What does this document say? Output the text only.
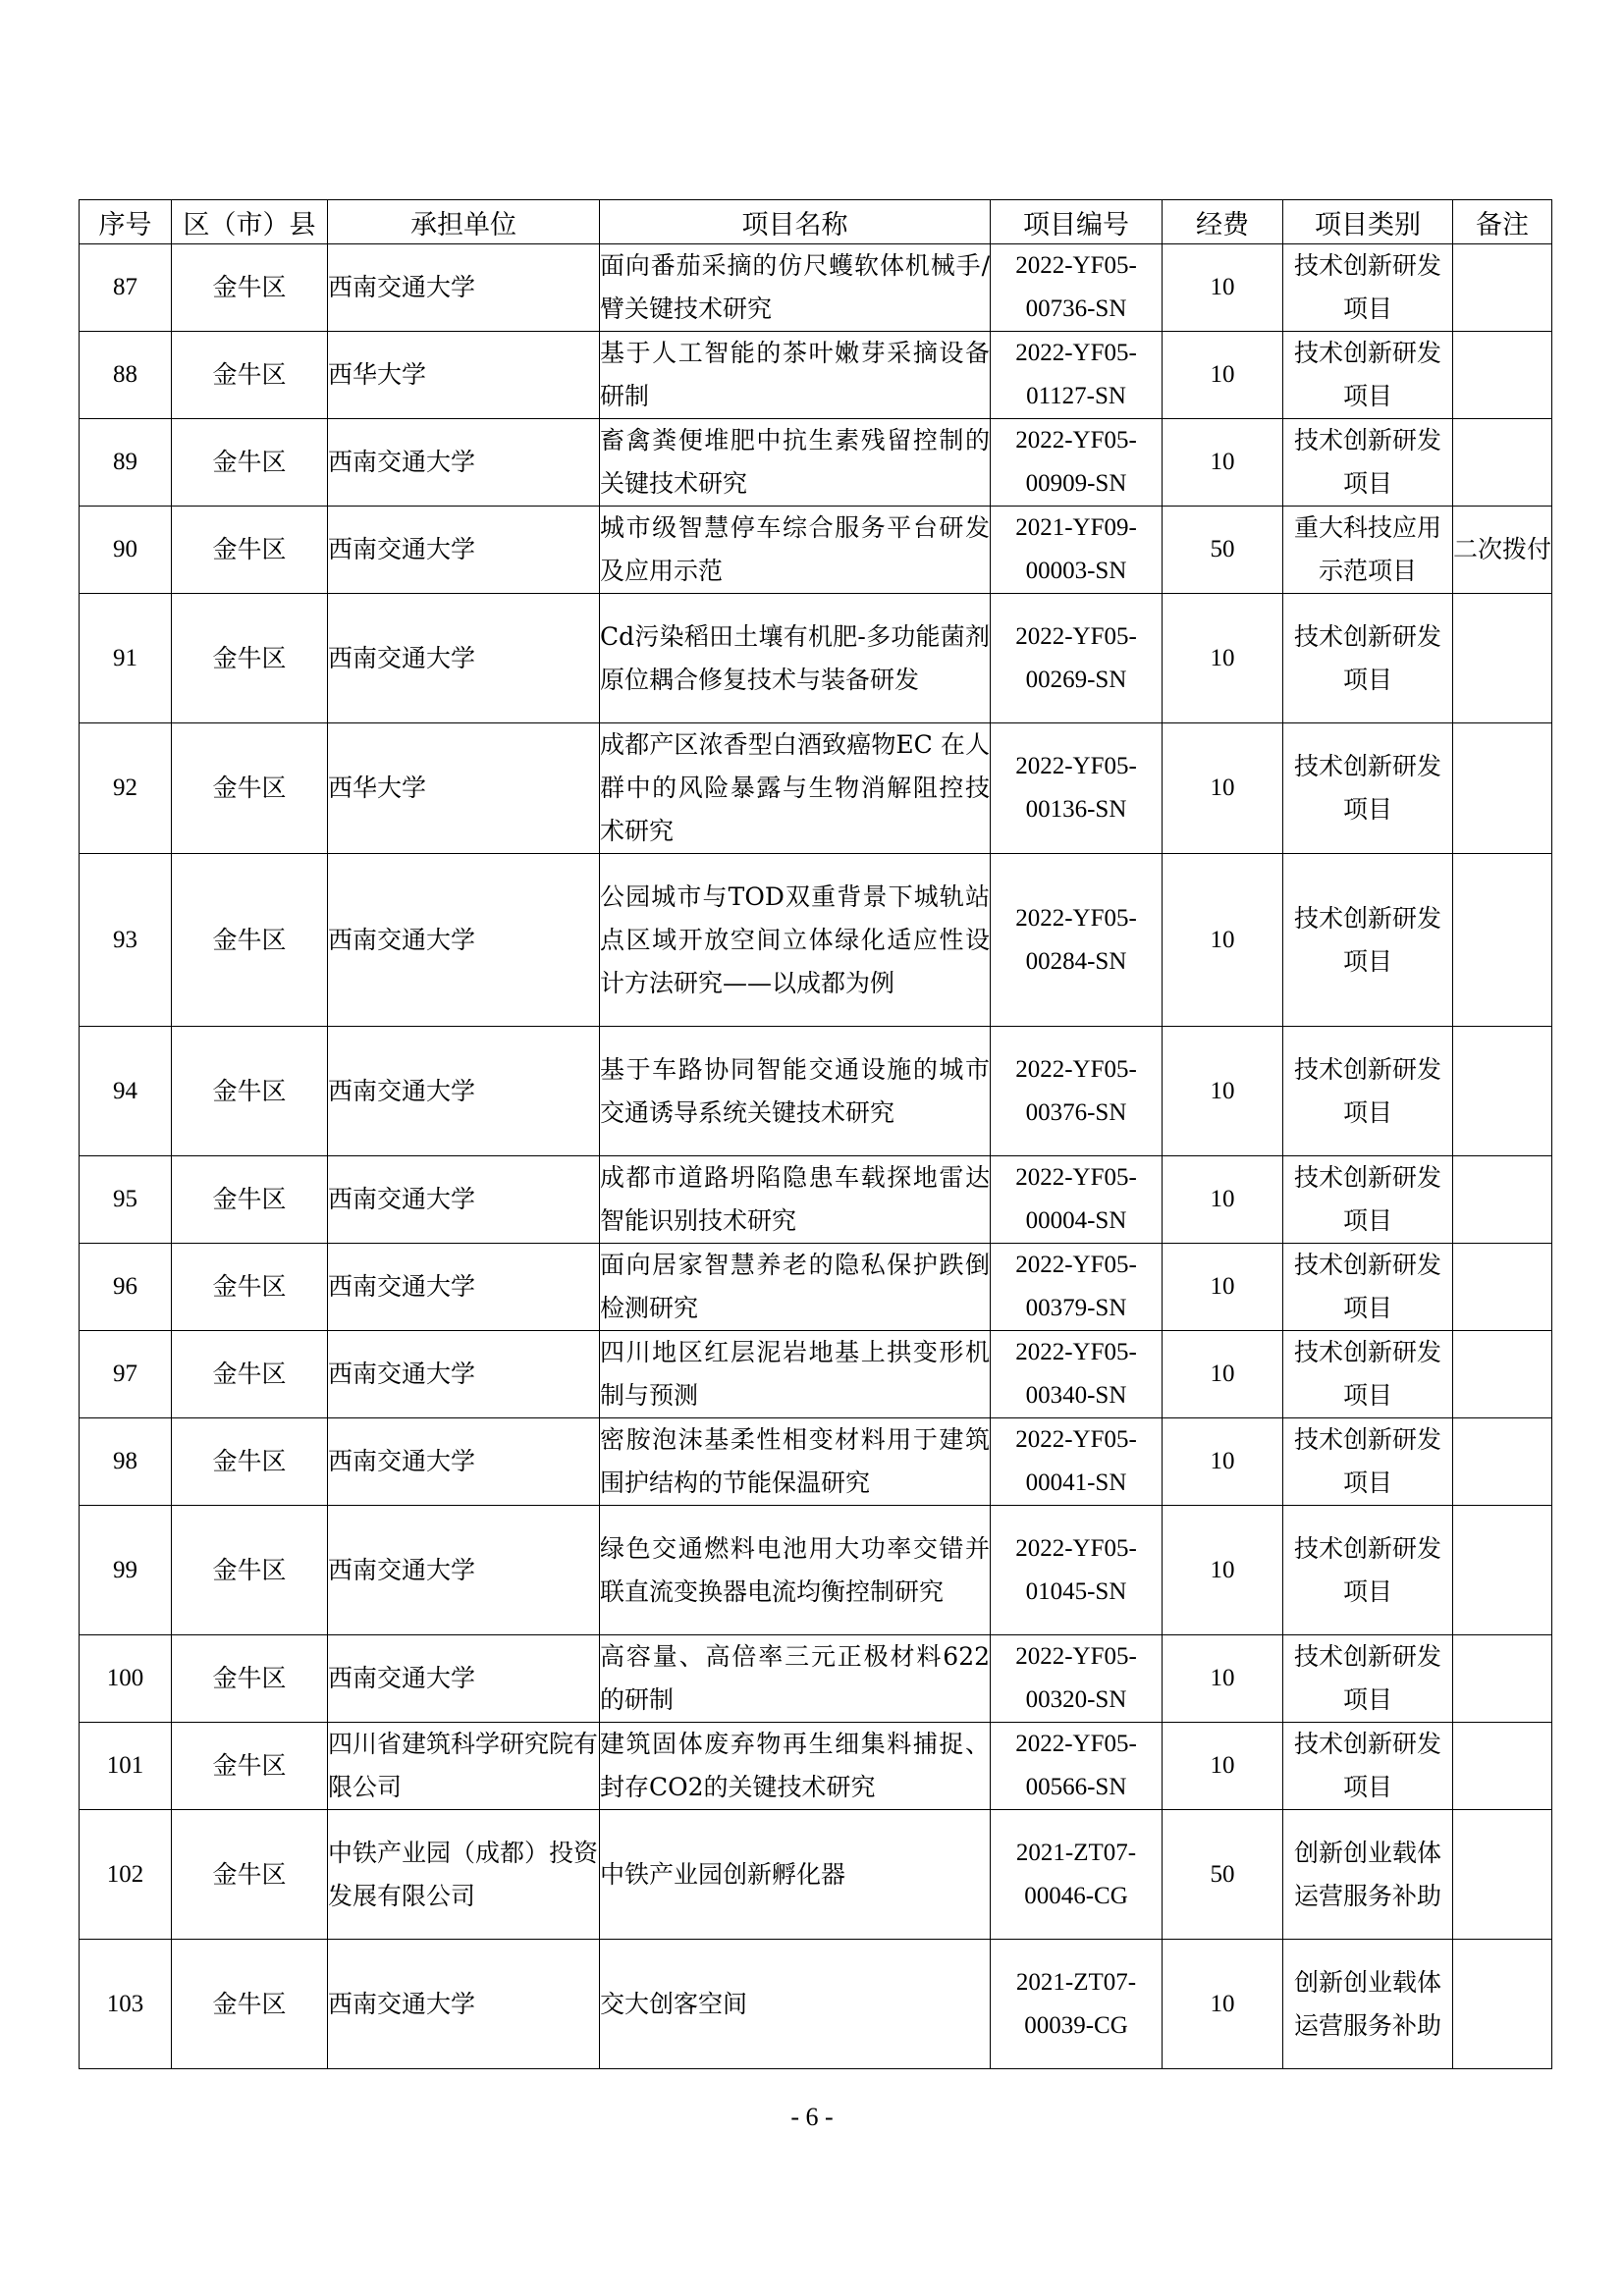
序号	区（市）县	承担单位	项目名称	项目编号	经费	项目类别	备注
87	金牛区	西南交通大学	面向番茄采摘的仿尺蠖软体机械手/臂关键技术研究	2022-YF05-
00736-SN	10	技术创新研发项目	
88	金牛区	西华大学	基于人工智能的茶叶嫩芽采摘设备研制	2022-YF05-
01127-SN	10	技术创新研发项目	
89	金牛区	西南交通大学	畜禽粪便堆肥中抗生素残留控制的关键技术研究	2022-YF05-
00909-SN	10	技术创新研发项目	
90	金牛区	西南交通大学	城市级智慧停车综合服务平台研发及应用示范	2021-YF09-
00003-SN	50	重大科技应用示范项目	二次拨付
91	金牛区	西南交通大学	Cd污染稻田土壤有机肥-多功能菌剂原位耦合修复技术与装备研发	2022-YF05-
00269-SN	10	技术创新研发项目	
92	金牛区	西华大学	成都产区浓香型白酒致癌物EC 在人群中的风险暴露与生物消解阻控技术研究	2022-YF05-
00136-SN	10	技术创新研发项目	
93	金牛区	西南交通大学	公园城市与TOD双重背景下城轨站点区域开放空间立体绿化适应性设计方法研究——以成都为例	2022-YF05-
00284-SN	10	技术创新研发项目	
94	金牛区	西南交通大学	基于车路协同智能交通设施的城市交通诱导系统关键技术研究	2022-YF05-
00376-SN	10	技术创新研发项目	
95	金牛区	西南交通大学	成都市道路坍陷隐患车载探地雷达智能识别技术研究	2022-YF05-
00004-SN	10	技术创新研发项目	
96	金牛区	西南交通大学	面向居家智慧养老的隐私保护跌倒检测研究	2022-YF05-
00379-SN	10	技术创新研发项目	
97	金牛区	西南交通大学	四川地区红层泥岩地基上拱变形机制与预测	2022-YF05-
00340-SN	10	技术创新研发项目	
98	金牛区	西南交通大学	密胺泡沫基柔性相变材料用于建筑围护结构的节能保温研究	2022-YF05-
00041-SN	10	技术创新研发项目	
99	金牛区	西南交通大学	绿色交通燃料电池用大功率交错并联直流变换器电流均衡控制研究	2022-YF05-
01045-SN	10	技术创新研发项目	
100	金牛区	西南交通大学	高容量、高倍率三元正极材料622的研制	2022-YF05-
00320-SN	10	技术创新研发项目	
101	金牛区	四川省建筑科学研究院有限公司	建筑固体废弃物再生细集料捕捉、封存CO2的关键技术研究	2022-YF05-
00566-SN	10	技术创新研发项目	
102	金牛区	中铁产业园（成都）投资发展有限公司	中铁产业园创新孵化器	2021-ZT07-
00046-CG	50	创新创业载体运营服务补助	
103	金牛区	西南交通大学	交大创客空间	2021-ZT07-
00039-CG	10	创新创业载体运营服务补助	
- 6 -
